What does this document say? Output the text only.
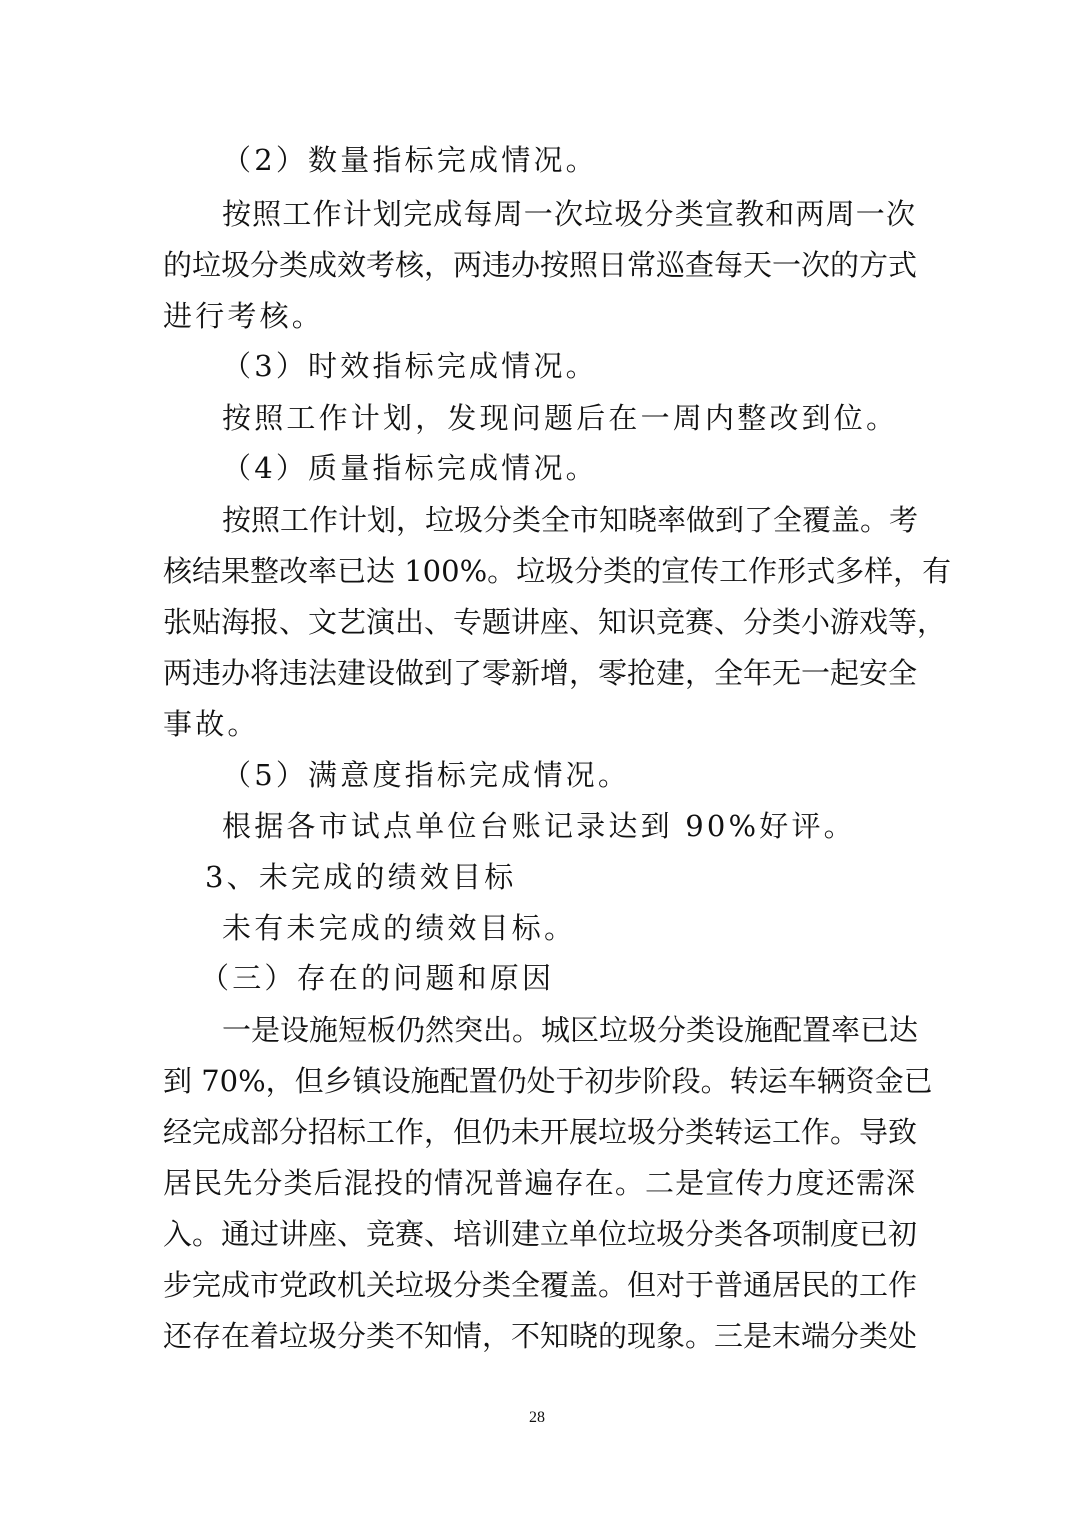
（2）数量指标完成情况。
按照工作计划完成每周一次垃圾分类宣教和两周一次
的垃圾分类成效考核，两违办按照日常巡查每天一次的方式
进行考核。
（3）时效指标完成情况。
按照工作计划，发现问题后在一周内整改到位。
（4）质量指标完成情况。
按照工作计划，垃圾分类全市知晓率做到了全覆盖。考
核结果整改率已达 100%。垃圾分类的宣传工作形式多样，有
张贴海报、文艺演出、专题讲座、知识竞赛、分类小游戏等，
两违办将违法建设做到了零新增，零抢建，全年无一起安全
事故。
（5）满意度指标完成情况。
根据各市试点单位台账记录达到 90%好评。
3、未完成的绩效目标
未有未完成的绩效目标。
（三）存在的问题和原因
一是设施短板仍然突出。城区垃圾分类设施配置率已达
到 70%，但乡镇设施配置仍处于初步阶段。转运车辆资金已
经完成部分招标工作，但仍未开展垃圾分类转运工作。导致
居民先分类后混投的情况普遍存在。二是宣传力度还需深
入。通过讲座、竞赛、培训建立单位垃圾分类各项制度已初
步完成市党政机关垃圾分类全覆盖。但对于普通居民的工作
还存在着垃圾分类不知情，不知晓的现象。三是末端分类处
28
